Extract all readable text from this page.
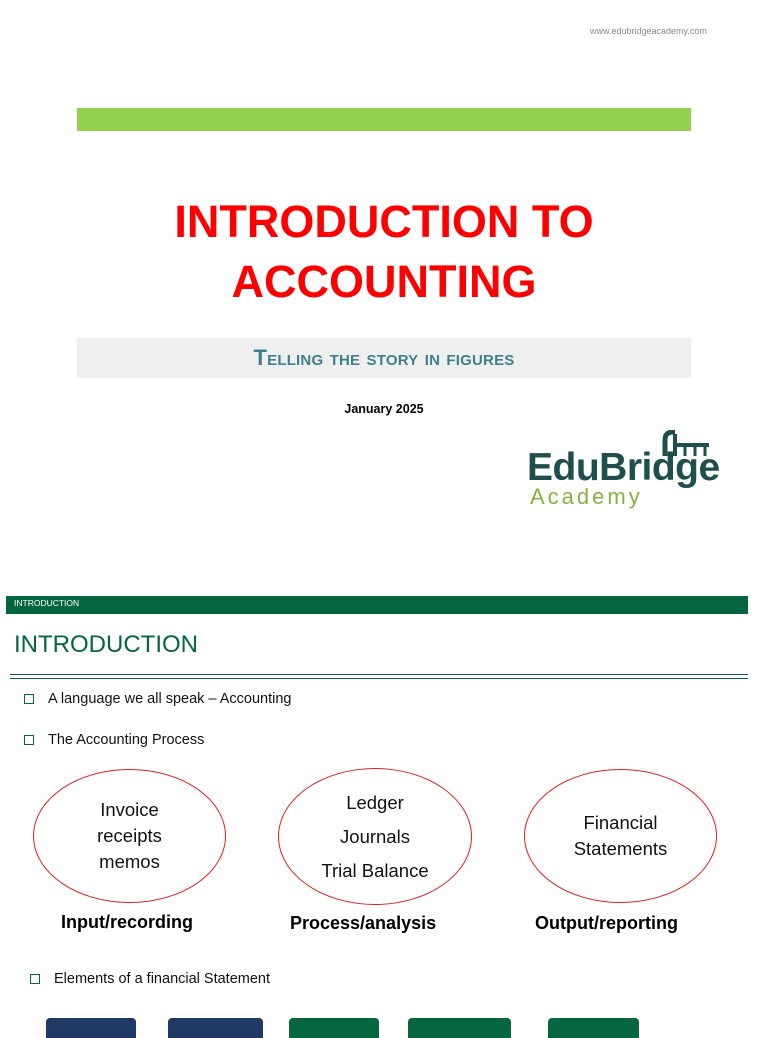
www.edubridgeacademy.com
INTRODUCTION TO
ACCOUNTING
Telling the story in figures
January 2025
EduBridge
Academy
INTRODUCTION
INTRODUCTION
A language we all speak – Accounting
The Accounting Process
Invoice
receipts
memos
Ledger
Journals
Trial Balance
Financial
Statements
Input/recording	Process/analysis	Output/reporting
Elements of a financial Statement
